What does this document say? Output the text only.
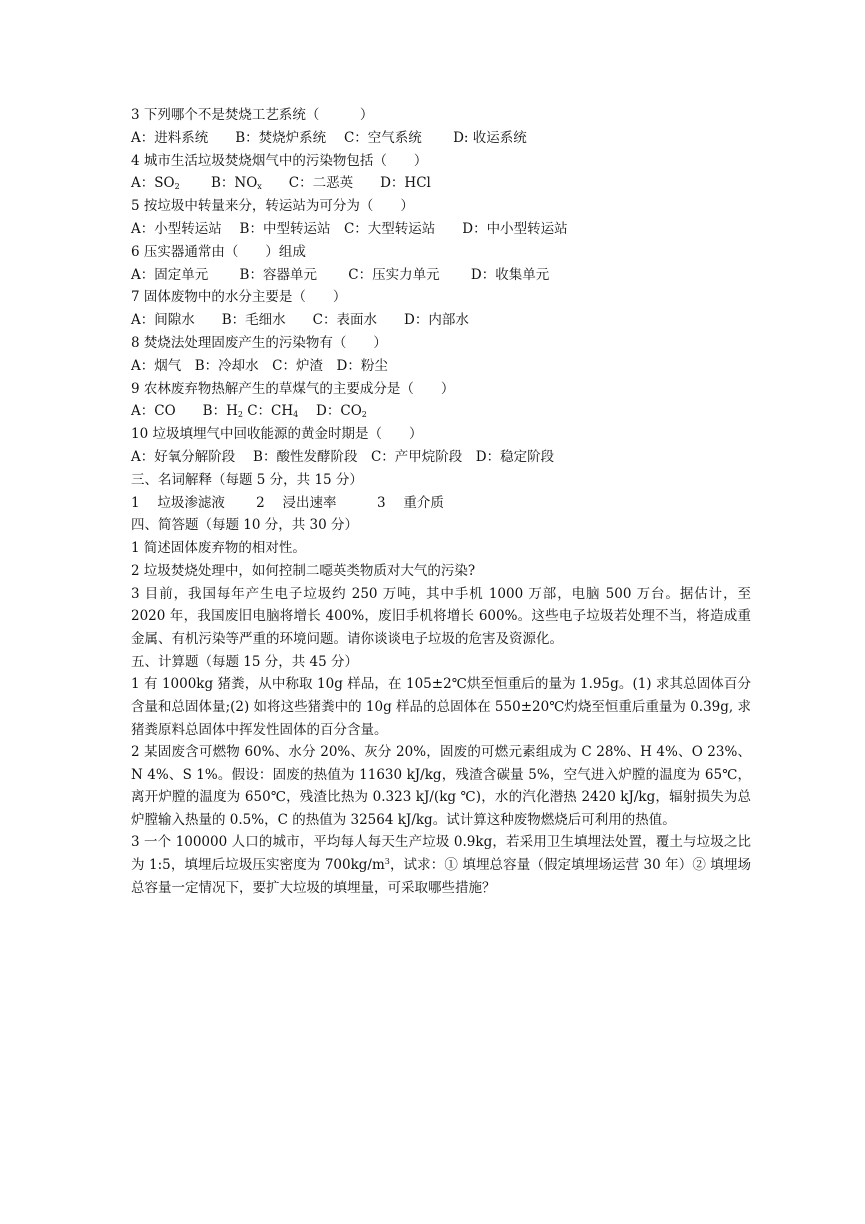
3 下列哪个不是焚烧工艺系统（　　　）
A：进料系统　　B：焚烧炉系统　 C：空气系统　　 D: 收运系统
4 城市生活垃圾焚烧烟气中的污染物包括（　　）
A：$SO_2$　　 B：$NO_x$　　C：二恶英　　D：HCl
5 按垃圾中转量来分，转运站为可分为（　　）
A：小型转运站　 B：中型转运站　C：大型转运站　　D：中小型转运站
6 压实器通常由（　　）组成
A：固定单元　　 B：容器单元　　 C：压实力单元　　 D：收集单元
7 固体废物中的水分主要是（　　）
A：间隙水　　B：毛细水　　C：表面水　　D：内部水
8 焚烧法处理固废产生的污染物有（　　）
A：烟气　B：冷却水　C：炉渣　D：粉尘
9 农林废弃物热解产生的草煤气的主要成分是（　　）
A：CO　　B：$H_2$ C：$CH_4$　 D：$CO_2$
10 垃圾填埋气中回收能源的黄金时期是（　　）
A：好氧分解阶段　 B：酸性发酵阶段　C：产甲烷阶段　D：稳定阶段
三、名词解释（每题 5 分，共 15 分）
1　 垃圾渗滤液　　 2　 浸出速率　　　3　 重介质
四、简答题（每题 10 分，共 30 分）
1 简述固体废弃物的相对性。
2 垃圾焚烧处理中，如何控制二噁英类物质对大气的污染?
3 目前，我国每年产生电子垃圾约 250 万吨，其中手机 1000 万部，电脑 500 万台。据估计，至 2020 年，我国废旧电脑将增长 400%，废旧手机将增长 600%。这些电子垃圾若处理不当，将造成重金属、有机污染等严重的环境问题。请你谈谈电子垃圾的危害及资源化。
五、计算题（每题 15 分，共 45 分）
1 有 1000kg 猪粪，从中称取 10g 样品，在 105±2℃烘至恒重后的量为 1.95g。(1) 求其总固体百分含量和总固体量;(2) 如将这些猪粪中的 10g 样品的总固体在 550±20℃灼烧至恒重后重量为 0.39g, 求猪粪原料总固体中挥发性固体的百分含量。
2 某固废含可燃物 60%、水分 20%、灰分 20%，固废的可燃元素组成为 C 28%、H 4%、O 23%、N 4%、S 1%。假设：固废的热值为 11630 kJ/kg，残渣含碳量 5%，空气进入炉膛的温度为 65℃，离开炉膛的温度为 650℃，残渣比热为 0.323 kJ/(kg ℃)，水的汽化潜热 2420 kJ/kg，辐射损失为总炉膛输入热量的 0.5%，C 的热值为 32564 kJ/kg。试计算这种废物燃烧后可利用的热值。
3 一个 100000 人口的城市，平均每人每天生产垃圾 0.9kg，若采用卫生填埋法处置，覆土与垃圾之比为 1:5，填埋后垃圾压实密度为 $700kg/m^3$，试求：① 填埋总容量（假定填埋场运营 30 年）② 填埋场总容量一定情况下，要扩大垃圾的填埋量，可采取哪些措施？
